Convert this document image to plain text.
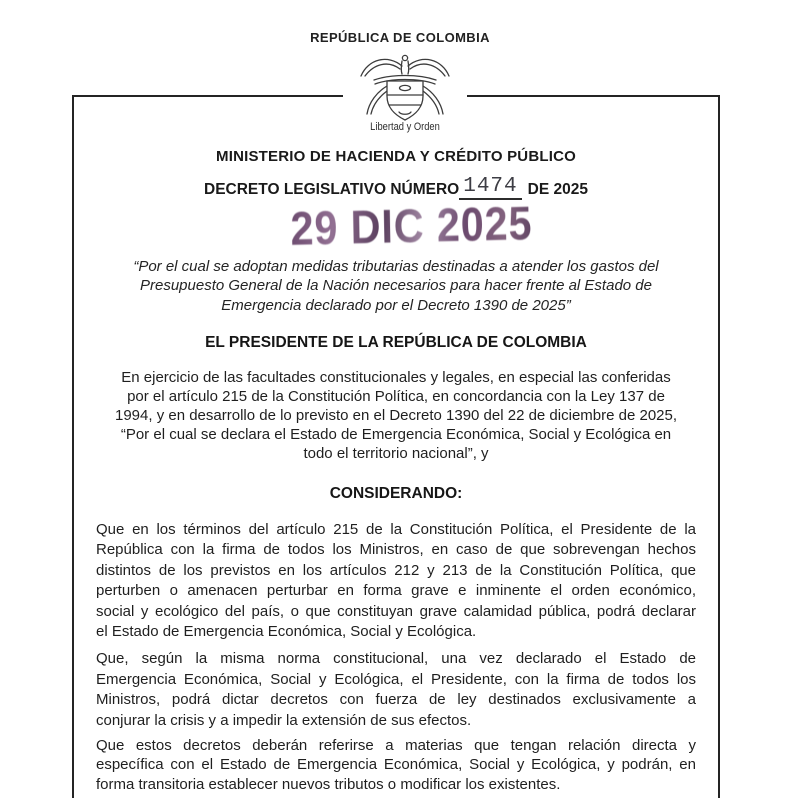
REPÚBLICA DE COLOMBIA
Libertad y Orden
MINISTERIO DE HACIENDA Y CRÉDITO PÚBLICO
DECRETO LEGISLATIVO NÚMERO 1474 DE 2025
29 DIC 2025
“Por el cual se adoptan medidas tributarias destinadas a atender los gastos del
Presupuesto General de la Nación necesarios para hacer frente al Estado de
Emergencia declarado por el Decreto 1390 de 2025”
EL PRESIDENTE DE LA REPÚBLICA DE COLOMBIA
En ejercicio de las facultades constitucionales y legales, en especial las conferidas
por el artículo 215 de la Constitución Política, en concordancia con la Ley 137 de
1994, y en desarrollo de lo previsto en el Decreto 1390 del 22 de diciembre de 2025,
“Por el cual se declara el Estado de Emergencia Económica, Social y Ecológica en
todo el territorio nacional”, y
CONSIDERANDO:
Que en los términos del artículo 215 de la Constitución Política, el Presidente de la
República con la firma de todos los Ministros, en caso de que sobrevengan hechos
distintos de los previstos en los artículos 212 y 213 de la Constitución Política, que
perturben o amenacen perturbar en forma grave e inminente el orden económico,
social y ecológico del país, o que constituyan grave calamidad pública, podrá declarar
el Estado de Emergencia Económica, Social y Ecológica.
Que, según la misma norma constitucional, una vez declarado el Estado de
Emergencia Económica, Social y Ecológica, el Presidente, con la firma de todos los
Ministros, podrá dictar decretos con fuerza de ley destinados exclusivamente a
conjurar la crisis y a impedir la extensión de sus efectos.
Que estos decretos deberán referirse a materias que tengan relación directa y
específica con el Estado de Emergencia Económica, Social y Ecológica, y podrán, en
forma transitoria establecer nuevos tributos o modificar los existentes.
